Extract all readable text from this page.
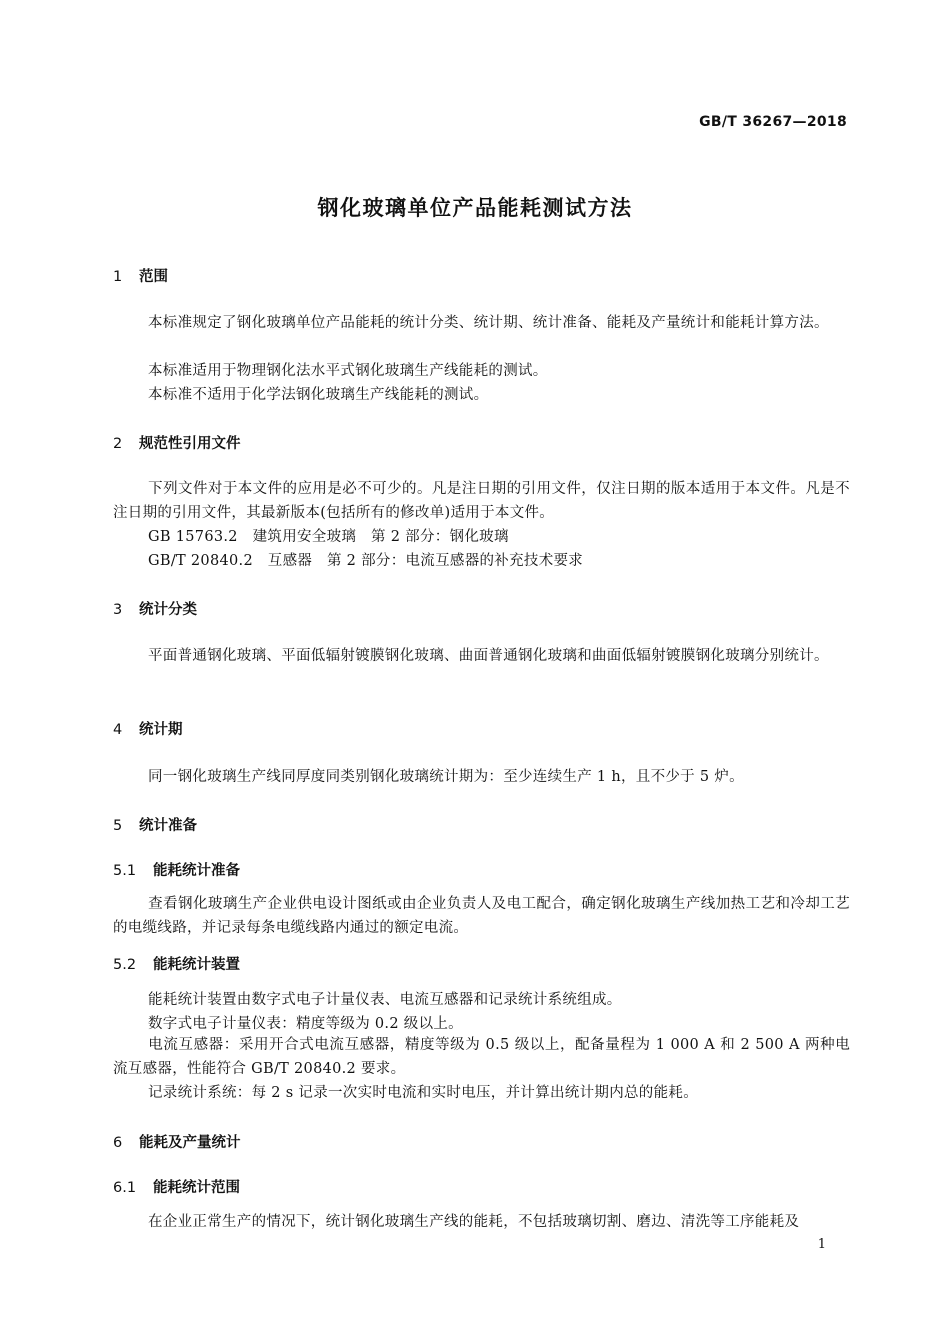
GB/T 36267—2018
钢化玻璃单位产品能耗测试方法
1 范围
本标准规定了钢化玻璃单位产品能耗的统计分类、统计期、统计准备、能耗及产量统计和能耗计算方法。
本标准适用于物理钢化法水平式钢化玻璃生产线能耗的测试。
本标准不适用于化学法钢化玻璃生产线能耗的测试。
2 规范性引用文件
下列文件对于本文件的应用是必不可少的。凡是注日期的引用文件，仅注日期的版本适用于本文件。凡是不注日期的引用文件，其最新版本(包括所有的修改单)适用于本文件。
GB 15763.2　建筑用安全玻璃　第 2 部分：钢化玻璃
GB/T 20840.2　互感器　第 2 部分：电流互感器的补充技术要求
3 统计分类
平面普通钢化玻璃、平面低辐射镀膜钢化玻璃、曲面普通钢化玻璃和曲面低辐射镀膜钢化玻璃分别统计。
4 统计期
同一钢化玻璃生产线同厚度同类别钢化玻璃统计期为：至少连续生产 1 h，且不少于 5 炉。
5 统计准备
5.1 能耗统计准备
查看钢化玻璃生产企业供电设计图纸或由企业负责人及电工配合，确定钢化玻璃生产线加热工艺和冷却工艺的电缆线路，并记录每条电缆线路内通过的额定电流。
5.2 能耗统计装置
能耗统计装置由数字式电子计量仪表、电流互感器和记录统计系统组成。
数字式电子计量仪表：精度等级为 0.2 级以上。
电流互感器：采用开合式电流互感器，精度等级为 0.5 级以上，配备量程为 1 000 A 和 2 500 A 两种电流互感器，性能符合 GB/T 20840.2 要求。
记录统计系统：每 2 s 记录一次实时电流和实时电压，并计算出统计期内总的能耗。
6 能耗及产量统计
6.1 能耗统计范围
在企业正常生产的情况下，统计钢化玻璃生产线的能耗，不包括玻璃切割、磨边、清洗等工序能耗及
1
